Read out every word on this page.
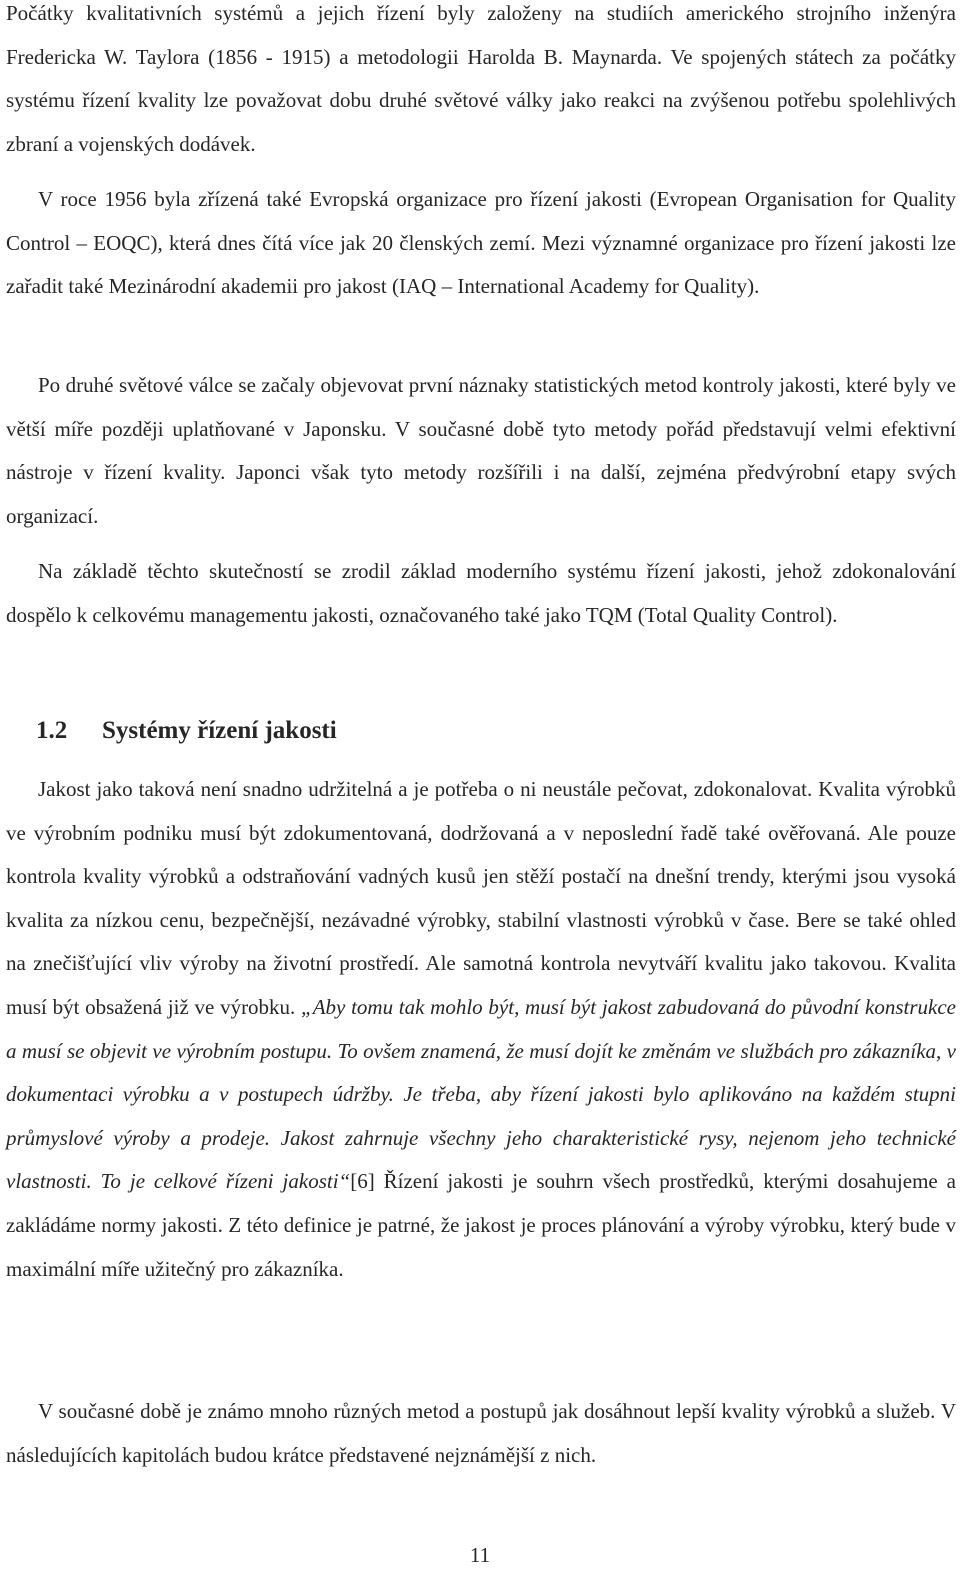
Počátky kvalitativních systémů a jejich řízení byly založeny na studiích amerického strojního inženýra Fredericka W. Taylora (1856 - 1915) a metodologii Harolda B. Maynarda. Ve spojených státech za počátky systému řízení kvality lze považovat dobu druhé světové války jako reakci na zvýšenou potřebu spolehlivých zbraní a vojenských dodávek.

V roce 1956 byla zřízená také Evropská organizace pro řízení jakosti (Evropean Organisation for Quality Control – EOQC), která dnes čítá více jak 20 členských zemí. Mezi významné organizace pro řízení jakosti lze zařadit také Mezinárodní akademii pro jakost (IAQ – International Academy for Quality).

Po druhé světové válce se začaly objevovat první náznaky statistických metod kontroly jakosti, které byly ve větší míře později uplatňované v Japonsku. V současné době tyto metody pořád představují velmi efektivní nástroje v řízení kvality. Japonci však tyto metody rozšířili i na další, zejména předvýrobní etapy svých organizací.

Na základě těchto skutečností se zrodil základ moderního systému řízení jakosti, jehož zdokonalování dospělo k celkovému managementu jakosti, označovaného také jako TQM (Total Quality Control).

1.2 Systémy řízení jakosti

Jakost jako taková není snadno udržitelná a je potřeba o ni neustále pečovat, zdokonalovat. Kvalita výrobků ve výrobním podniku musí být zdokumentovaná, dodržovaná a v neposlední řadě také ověřovaná. Ale pouze kontrola kvality výrobků a odstraňování vadných kusů jen stěží postačí na dnešní trendy, kterými jsou vysoká kvalita za nízkou cenu, bezpečnější, nezávadné výrobky, stabilní vlastnosti výrobků v čase. Bere se také ohled na znečišťující vliv výroby na životní prostředí. Ale samotná kontrola nevytváří kvalitu jako takovou. Kvalita musí být obsažená již ve výrobku. „Aby tomu tak mohlo být, musí být jakost zabudovaná do původní konstrukce a musí se objevit ve výrobním postupu. To ovšem znamená, že musí dojít ke změnám ve službách pro zákazníka, v dokumentaci výrobku a v postupech údržby. Je třeba, aby řízení jakosti bylo aplikováno na každém stupni průmyslové výroby a prodeje. Jakost zahrnuje všechny jeho charakteristické rysy, nejenom jeho technické vlastnosti. To je celkové řízeni jakosti“[6] Řízení jakosti je souhrn všech prostředků, kterými dosahujeme a zakládáme normy jakosti. Z této definice je patrné, že jakost je proces plánování a výroby výrobku, který bude v maximální míře užitečný pro zákazníka.

V současné době je známo mnoho různých metod a postupů jak dosáhnout lepší kvality výrobků a služeb. V následujících kapitolách budou krátce představené nejznámější z nich.

11
